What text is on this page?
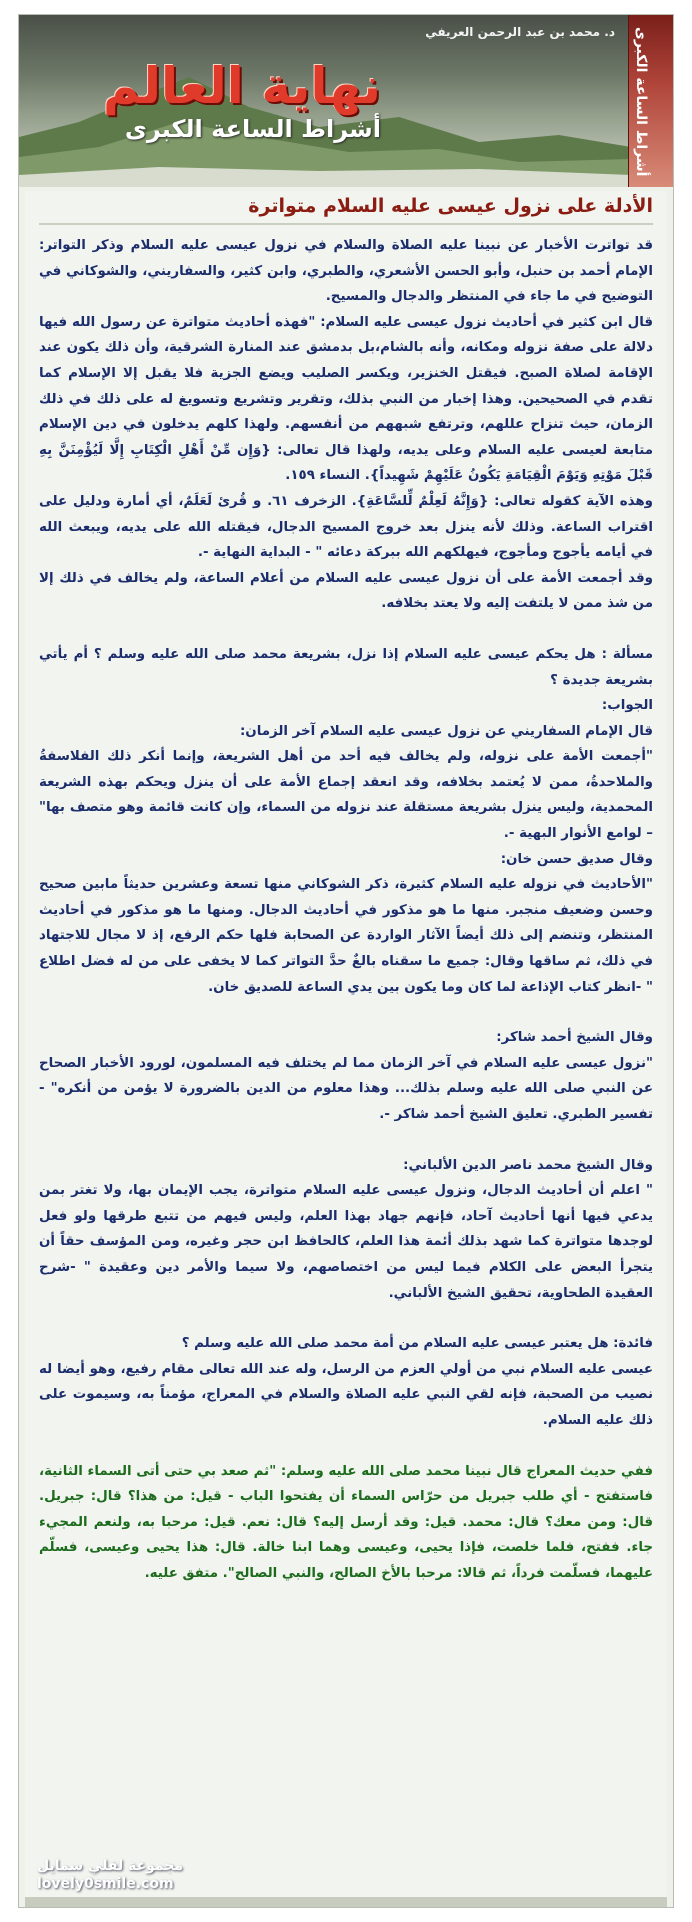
د. محمد بن عبد الرحمن العريفي
نهاية العالم
أشراط الساعة الكبرى	أشراط الساعة الكبرى
الأدلة على نزول عيسى عليه السلام متواترة

قد تواترت الأخبار عن نبينا عليه الصلاة والسلام في نزول عيسى عليه السلام وذكر التواتر: الإمام أحمد بن حنبل، وأبو الحسن الأشعري، والطبري، وابن كثير، والسفاريني، والشوكاني في التوضيح في ما جاء في المنتظر والدجال والمسيح.

قال ابن كثير في أحاديث نزول عيسى عليه السلام: "فهذه أحاديث متواترة عن رسول الله فيها دلالة على صفة نزوله ومكانه، وأنه بالشام،بل بدمشق عند المنارة الشرقية، وأن ذلك يكون عند الإقامة لصلاة الصبح. فيقتل الخنزير، ويكسر الصليب ويضع الجزية فلا يقبل إلا الإسلام كما تقدم في الصحيحين. وهذا إخبار من النبي بذلك، وتقرير وتشريع وتسويغ له على ذلك في ذلك الزمان، حيث تنزاح عللهم، وترتفع شبههم من أنفسهم. ولهذا كلهم يدخلون في دين الإسلام متابعة لعيسى عليه السلام وعلى يديه، ولهذا قال تعالى: {وَإِن مِّنْ أَهْلِ الْكِتَابِ إِلَّا لَيُؤْمِنَنَّ بِهِ قَبْلَ مَوْتِهِ وَيَوْمَ الْقِيَامَةِ يَكُونُ عَلَيْهِمْ شَهِيداً}. النساء ١٥٩.

وهذه الآية كقوله تعالى: {وَإِنَّهُ لَعِلْمٌ لِّلسَّاعَةِ}. الزخرف ٦١. و قُرئ لَعَلَمٌ، أي أمارة ودليل على اقتراب الساعة. وذلك لأنه ينزل بعد خروج المسيح الدجال، فيقتله الله على يديه، ويبعث الله في أيامه يأجوج ومأجوج، فيهلكهم الله ببركة دعائه " - البداية النهاية -.

وقد أجمعت الأمة على أن نزول عيسى عليه السلام من أعلام الساعة، ولم يخالف في ذلك إلا من شذ ممن لا يلتفت إليه ولا يعتد بخلافه.

مسألة : هل يحكم عيسى عليه السلام إذا نزل، بشريعة محمد صلى الله عليه وسلم ؟ أم يأتي بشريعة جديدة ؟

الجواب:

قال الإمام السفاريني عن نزول عيسى عليه السلام آخر الزمان:

"أجمعت الأمة على نزوله، ولم يخالف فيه أحد من أهل الشريعة، وإنما أنكر ذلك الفلاسفةُ والملاحدةُ، ممن لا يُعتمد بخلافه، وقد انعقد إجماع الأمة على أن ينزل ويحكم بهذه الشريعة المحمدية، وليس ينزل بشريعة مستقلة عند نزوله من السماء، وإن كانت قائمة وهو متصف بها" – لوامع الأنوار البهية -.

وقال صديق حسن خان:

"الأحاديث في نزوله عليه السلام كثيرة، ذكر الشوكاني منها تسعة وعشرين حديثاً مابين صحيح وحسن وضعيف منجبر. منها ما هو مذكور في أحاديث الدجال. ومنها ما هو مذكور في أحاديث المنتظر، وتنضم إلى ذلك أيضاً الآثار الواردة عن الصحابة فلها حكم الرفع، إذ لا مجال للاجتهاد في ذلك، ثم ساقها وقال: جميع ما سقناه بالغٌ حدَّ التواتر كما لا يخفى على من له فضل اطلاع " -انظر كتاب الإذاعة لما كان وما يكون بين يدي الساعة للصديق خان.

وقال الشيخ أحمد شاكر:

"نزول عيسى عليه السلام في آخر الزمان مما لم يختلف فيه المسلمون، لورود الأخبار الصحاح عن النبي صلى الله عليه وسلم بذلك... وهذا معلوم من الدين بالضرورة لا يؤمن من أنكره" - تفسير الطبري. تعليق الشيخ أحمد شاكر -.

وقال الشيخ محمد ناصر الدين الألباني:

" اعلم أن أحاديث الدجال، ونزول عيسى عليه السلام متواترة، يجب الإيمان بها، ولا تغتر بمن يدعي فيها أنها أحاديث آحاد، فإنهم جهاد بهذا العلم، وليس فيهم من تتبع طرقها ولو فعل لوجدها متواترة كما شهد بذلك أئمة هذا العلم، كالحافظ ابن حجر وغيره، ومن المؤسف حقاً أن يتجرأ البعض على الكلام فيما ليس من اختصاصهم، ولا سيما والأمر دين وعقيدة " -شرح العقيدة الطحاوية، تحقيق الشيخ الألباني.

فائدة: هل يعتبر عيسى عليه السلام من أمة محمد صلى الله عليه وسلم ؟

عيسى عليه السلام نبي من أولي العزم من الرسل، وله عند الله تعالى مقام رفيع، وهو أيضا له نصيب من الصحبة، فإنه لقي النبي عليه الصلاة والسلام في المعراج، مؤمناً به، وسيموت على ذلك عليه السلام.

ففي حديث المعراج قال نبينا محمد صلى الله عليه وسلم: "ثم صعد بي حتى أتى السماء الثانية، فاستفتح - أي طلب جبريل من حرّاس السماء أن يفتحوا الباب - قيل: من هذا؟ قال: جبريل. قال: ومن معك؟ قال: محمد. قيل: وقد أرسل إليه؟ قال: نعم. قيل: مرحبا به، ولنعم المجيء جاء. ففتح، فلما خلصت، فإذا يحيى، وعيسى وهما ابنا خالة. قال: هذا يحيى وعيسى، فسلّم عليهما، فسلّمت فرداً، ثم قالا: مرحبا بالأخ الصالح، والنبي الصالح". متفق عليه.

مجموعة لفلي سمايل
lovely0smile.com
